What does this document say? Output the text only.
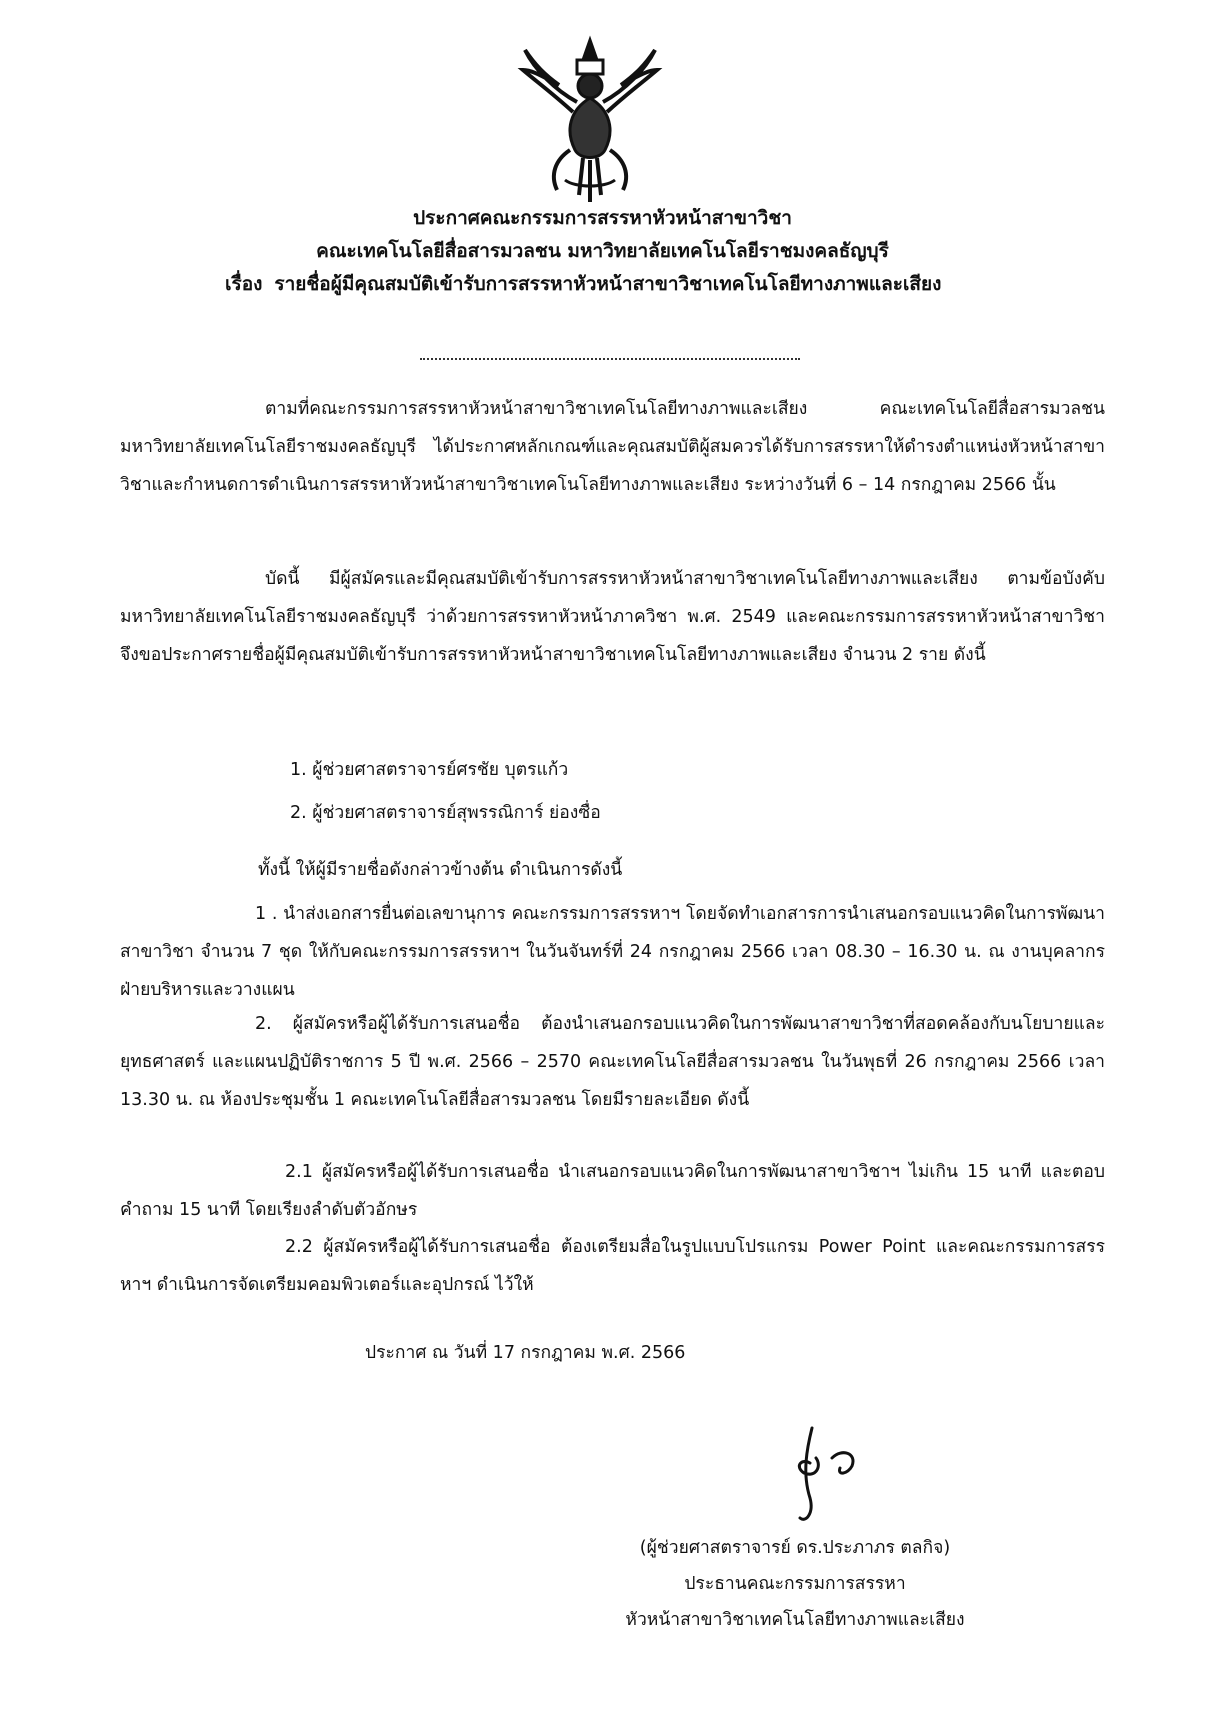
ประกาศคณะกรรมการสรรหาหัวหน้าสาขาวิชา
คณะเทคโนโลยีสื่อสารมวลชน มหาวิทยาลัยเทคโนโลยีราชมงคลธัญบุรี
เรื่อง รายชื่อผู้มีคุณสมบัติเข้ารับการสรรหาหัวหน้าสาขาวิชาเทคโนโลยีทางภาพและเสียง
ตามที่คณะกรรมการสรรหาหัวหน้าสาขาวิชาเทคโนโลยีทางภาพและเสียง คณะเทคโนโลยีสื่อสารมวลชน มหาวิทยาลัยเทคโนโลยีราชมงคลธัญบุรี ได้ประกาศหลักเกณฑ์และคุณสมบัติผู้สมควรได้รับการสรรหาให้ดำรงตำแหน่งหัวหน้าสาขาวิชาและกำหนดการดำเนินการสรรหาหัวหน้าสาขาวิชาเทคโนโลยีทางภาพและเสียง ระหว่างวันที่ 6 – 14 กรกฎาคม 2566 นั้น
บัดนี้ มีผู้สมัครและมีคุณสมบัติเข้ารับการสรรหาหัวหน้าสาขาวิชาเทคโนโลยีทางภาพและเสียง ตามข้อบังคับมหาวิทยาลัยเทคโนโลยีราชมงคลธัญบุรี ว่าด้วยการสรรหาหัวหน้าภาควิชา พ.ศ. 2549 และคณะกรรมการสรรหาหัวหน้าสาขาวิชา จึงขอประกาศรายชื่อผู้มีคุณสมบัติเข้ารับการสรรหาหัวหน้าสาขาวิชาเทคโนโลยีทางภาพและเสียง จำนวน 2 ราย ดังนี้
1. ผู้ช่วยศาสตราจารย์ศรชัย บุตรแก้ว
2. ผู้ช่วยศาสตราจารย์สุพรรณิการ์ ย่องซื่อ
ทั้งนี้ ให้ผู้มีรายชื่อดังกล่าวข้างต้น ดำเนินการดังนี้
1 . นำส่งเอกสารยื่นต่อเลขานุการ คณะกรรมการสรรหาฯ โดยจัดทำเอกสารการนำเสนอกรอบแนวคิดในการพัฒนาสาขาวิชา จำนวน 7 ชุด ให้กับคณะกรรมการสรรหาฯ ในวันจันทร์ที่ 24 กรกฎาคม 2566 เวลา 08.30 – 16.30 น. ณ งานบุคลากร ฝ่ายบริหารและวางแผน
2. ผู้สมัครหรือผู้ได้รับการเสนอชื่อ ต้องนำเสนอกรอบแนวคิดในการพัฒนาสาขาวิชาที่สอดคล้องกับนโยบายและยุทธศาสตร์ และแผนปฏิบัติราชการ 5 ปี พ.ศ. 2566 – 2570 คณะเทคโนโลยีสื่อสารมวลชน ในวันพุธที่ 26 กรกฎาคม 2566 เวลา 13.30 น. ณ ห้องประชุมชั้น 1 คณะเทคโนโลยีสื่อสารมวลชน โดยมีรายละเอียด ดังนี้
2.1 ผู้สมัครหรือผู้ได้รับการเสนอชื่อ นำเสนอกรอบแนวคิดในการพัฒนาสาขาวิชาฯ ไม่เกิน 15 นาที และตอบคำถาม 15 นาที โดยเรียงลำดับตัวอักษร
2.2 ผู้สมัครหรือผู้ได้รับการเสนอชื่อ ต้องเตรียมสื่อในรูปแบบโปรแกรม Power Point และคณะกรรมการสรรหาฯ ดำเนินการจัดเตรียมคอมพิวเตอร์และอุปกรณ์ ไว้ให้
ประกาศ ณ วันที่ 17 กรกฎาคม พ.ศ. 2566
(ผู้ช่วยศาสตราจารย์ ดร.ประภาภร ตลกิจ)
ประธานคณะกรรมการสรรหา
หัวหน้าสาขาวิชาเทคโนโลยีทางภาพและเสียง
